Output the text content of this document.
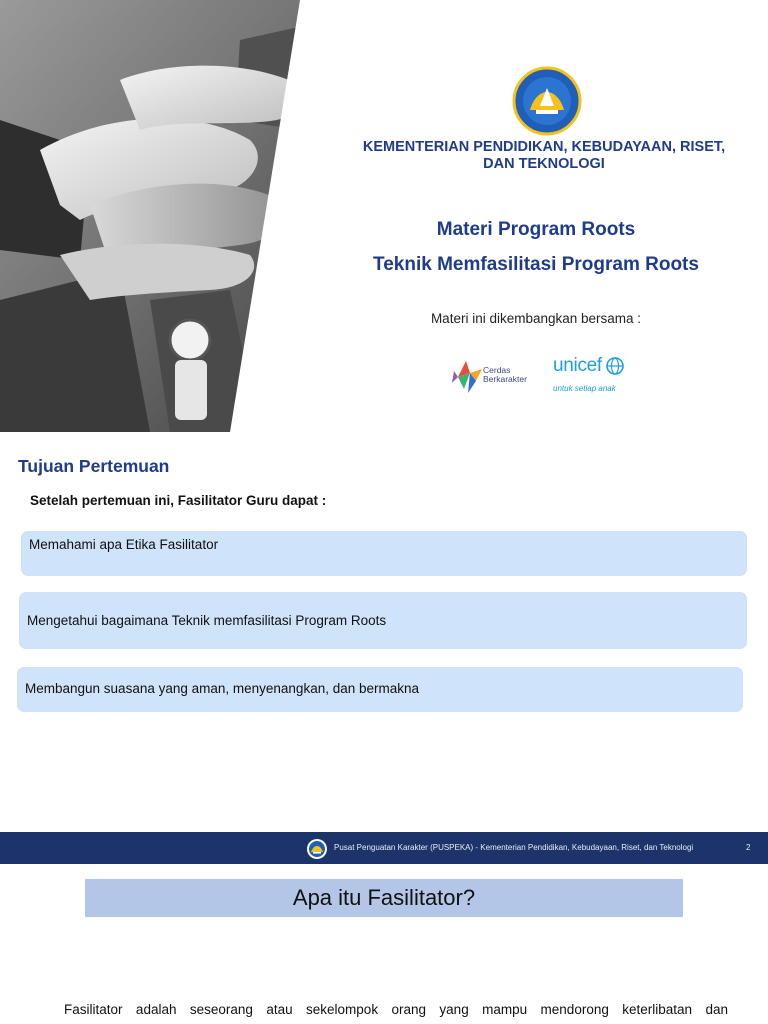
KEMENTERIAN PENDIDIKAN, KEBUDAYAAN, RISET,
DAN TEKNOLOGI
Materi Program Roots
Teknik Memfasilitasi Program Roots
Materi ini dikembangkan bersama :
Cerdas
Berkarakter
unicef
untuk setiap anak
Tujuan Pertemuan
Setelah pertemuan ini, Fasilitator Guru dapat :
Memahami apa Etika Fasilitator
Mengetahui bagaimana Teknik memfasilitasi Program Roots
Membangun suasana yang aman, menyenangkan, dan bermakna
Pusat Penguatan Karakter (PUSPEKA) - Kementerian Pendidikan, Kebudayaan, Riset, dan Teknologi	2
Apa itu Fasilitator?
Fasilitator adalah seseorang atau sekelompok orang yang mampu mendorong keterlibatan dan
